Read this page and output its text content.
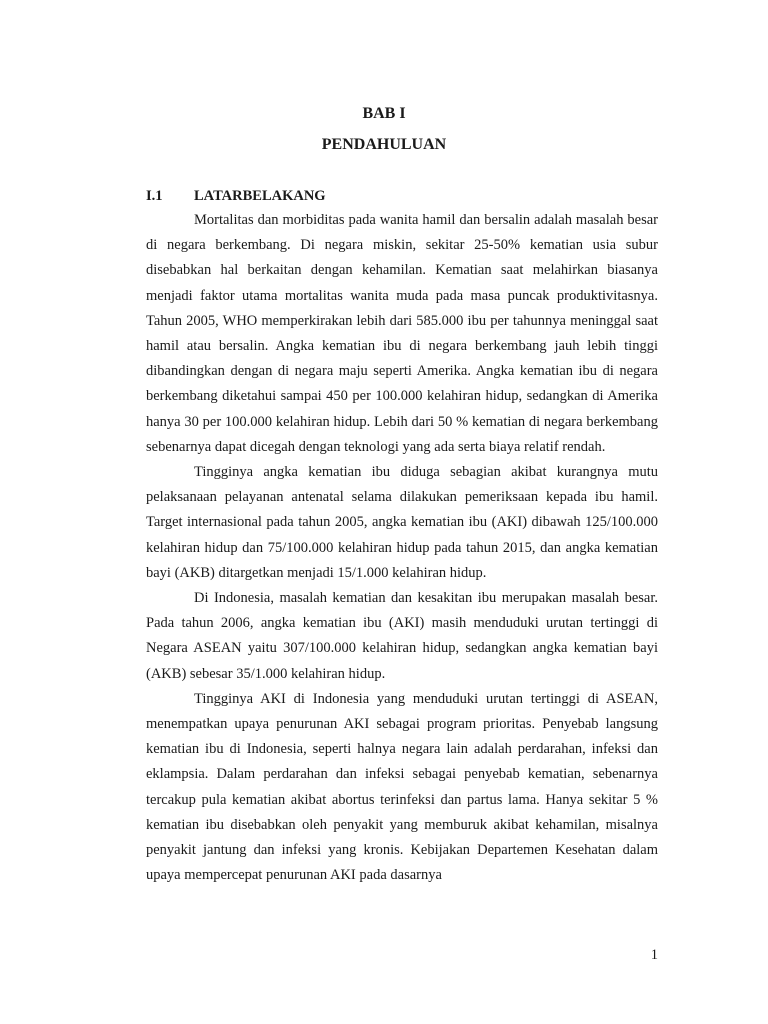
BAB I
PENDAHULUAN
I.1 LATARBELAKANG

Mortalitas dan morbiditas pada wanita hamil dan bersalin adalah masalah besar di negara berkembang. Di negara miskin, sekitar 25-50% kematian usia subur disebabkan hal berkaitan dengan kehamilan. Kematian saat melahirkan biasanya menjadi faktor utama mortalitas wanita muda pada masa puncak produktivitasnya. Tahun 2005, WHO memperkirakan lebih dari 585.000 ibu per tahunnya meninggal saat hamil atau bersalin. Angka kematian ibu di negara berkembang jauh lebih tinggi dibandingkan dengan di negara maju seperti Amerika. Angka kematian ibu di negara berkembang diketahui sampai 450 per 100.000 kelahiran hidup, sedangkan di Amerika hanya 30 per 100.000 kelahiran hidup. Lebih dari 50 % kematian di negara berkembang sebenarnya dapat dicegah dengan teknologi yang ada serta biaya relatif rendah.

Tingginya angka kematian ibu diduga sebagian akibat kurangnya mutu pelaksanaan pelayanan antenatal selama dilakukan pemeriksaan kepada ibu hamil. Target internasional pada tahun 2005, angka kematian ibu (AKI) dibawah 125/100.000 kelahiran hidup dan 75/100.000 kelahiran hidup pada tahun 2015, dan angka kematian bayi (AKB) ditargetkan menjadi 15/1.000 kelahiran hidup.

Di Indonesia, masalah kematian dan kesakitan ibu merupakan masalah besar. Pada tahun 2006, angka kematian ibu (AKI) masih menduduki urutan tertinggi di Negara ASEAN yaitu 307/100.000 kelahiran hidup, sedangkan angka kematian bayi (AKB) sebesar 35/1.000 kelahiran hidup.

Tingginya AKI di Indonesia yang menduduki urutan tertinggi di ASEAN, menempatkan upaya penurunan AKI sebagai program prioritas. Penyebab langsung kematian ibu di Indonesia, seperti halnya negara lain adalah perdarahan, infeksi dan eklampsia. Dalam perdarahan dan infeksi sebagai penyebab kematian, sebenarnya tercakup pula kematian akibat abortus terinfeksi dan partus lama. Hanya sekitar 5 % kematian ibu disebabkan oleh penyakit yang memburuk akibat kehamilan, misalnya penyakit jantung dan infeksi yang kronis. Kebijakan Departemen Kesehatan dalam upaya mempercepat penurunan AKI pada dasarnya

1
